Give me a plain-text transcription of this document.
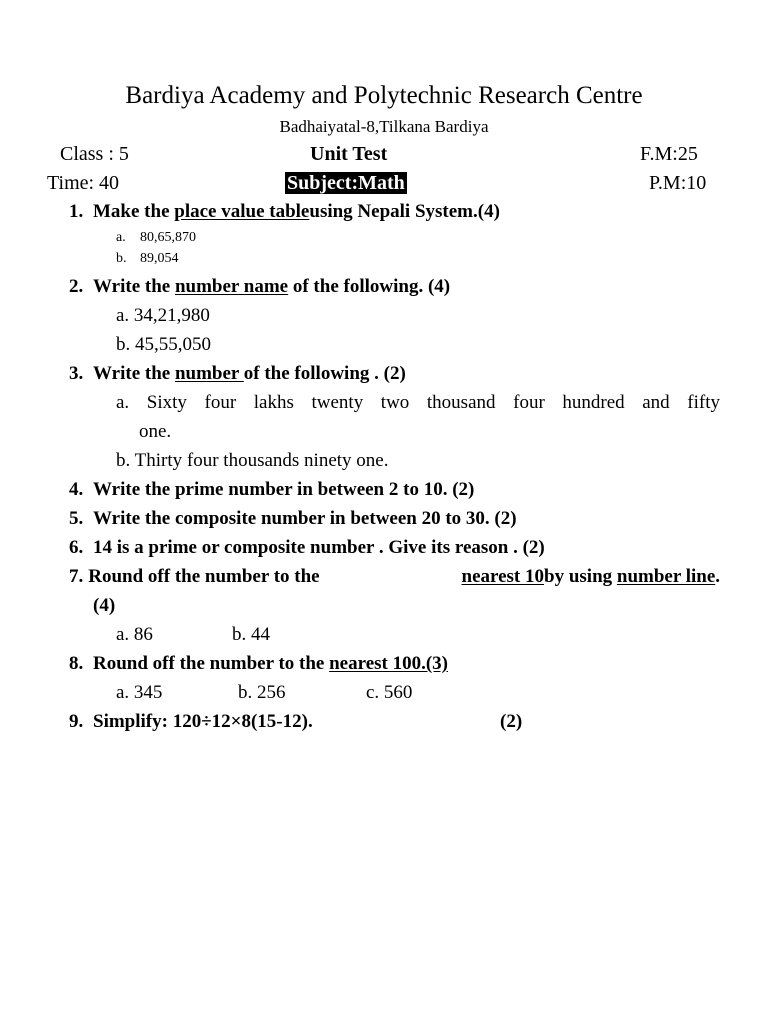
Bardiya Academy and Polytechnic Research Centre
Badhaiyatal-8,Tilkana Bardiya
Class : 5	Unit Test	F.M:25
Time: 40	Subject:Math	P.M:10
1. Make the place value tableusing Nepali System.(4)
a. 80,65,870
b. 89,054
2. Write the number name of the following. (4)
a. 34,21,980
b. 45,55,050
3. Write the number of the following . (2)
a. Sixty four lakhs twenty two thousand four hundred and fifty
one.
b. Thirty four thousands ninety one.
4. Write the prime number in between 2 to 10. (2)
5. Write the composite number in between 20 to 30. (2)
6. 14 is a prime or composite number . Give its reason . (2)
7. Round off the number to the	nearest 10by using number line.
(4)
a. 86	b. 44
8. Round off the number to the nearest 100.(3)
a. 345	b. 256	c. 560
9. Simplify: 120÷12×8(15-12).	(2)
